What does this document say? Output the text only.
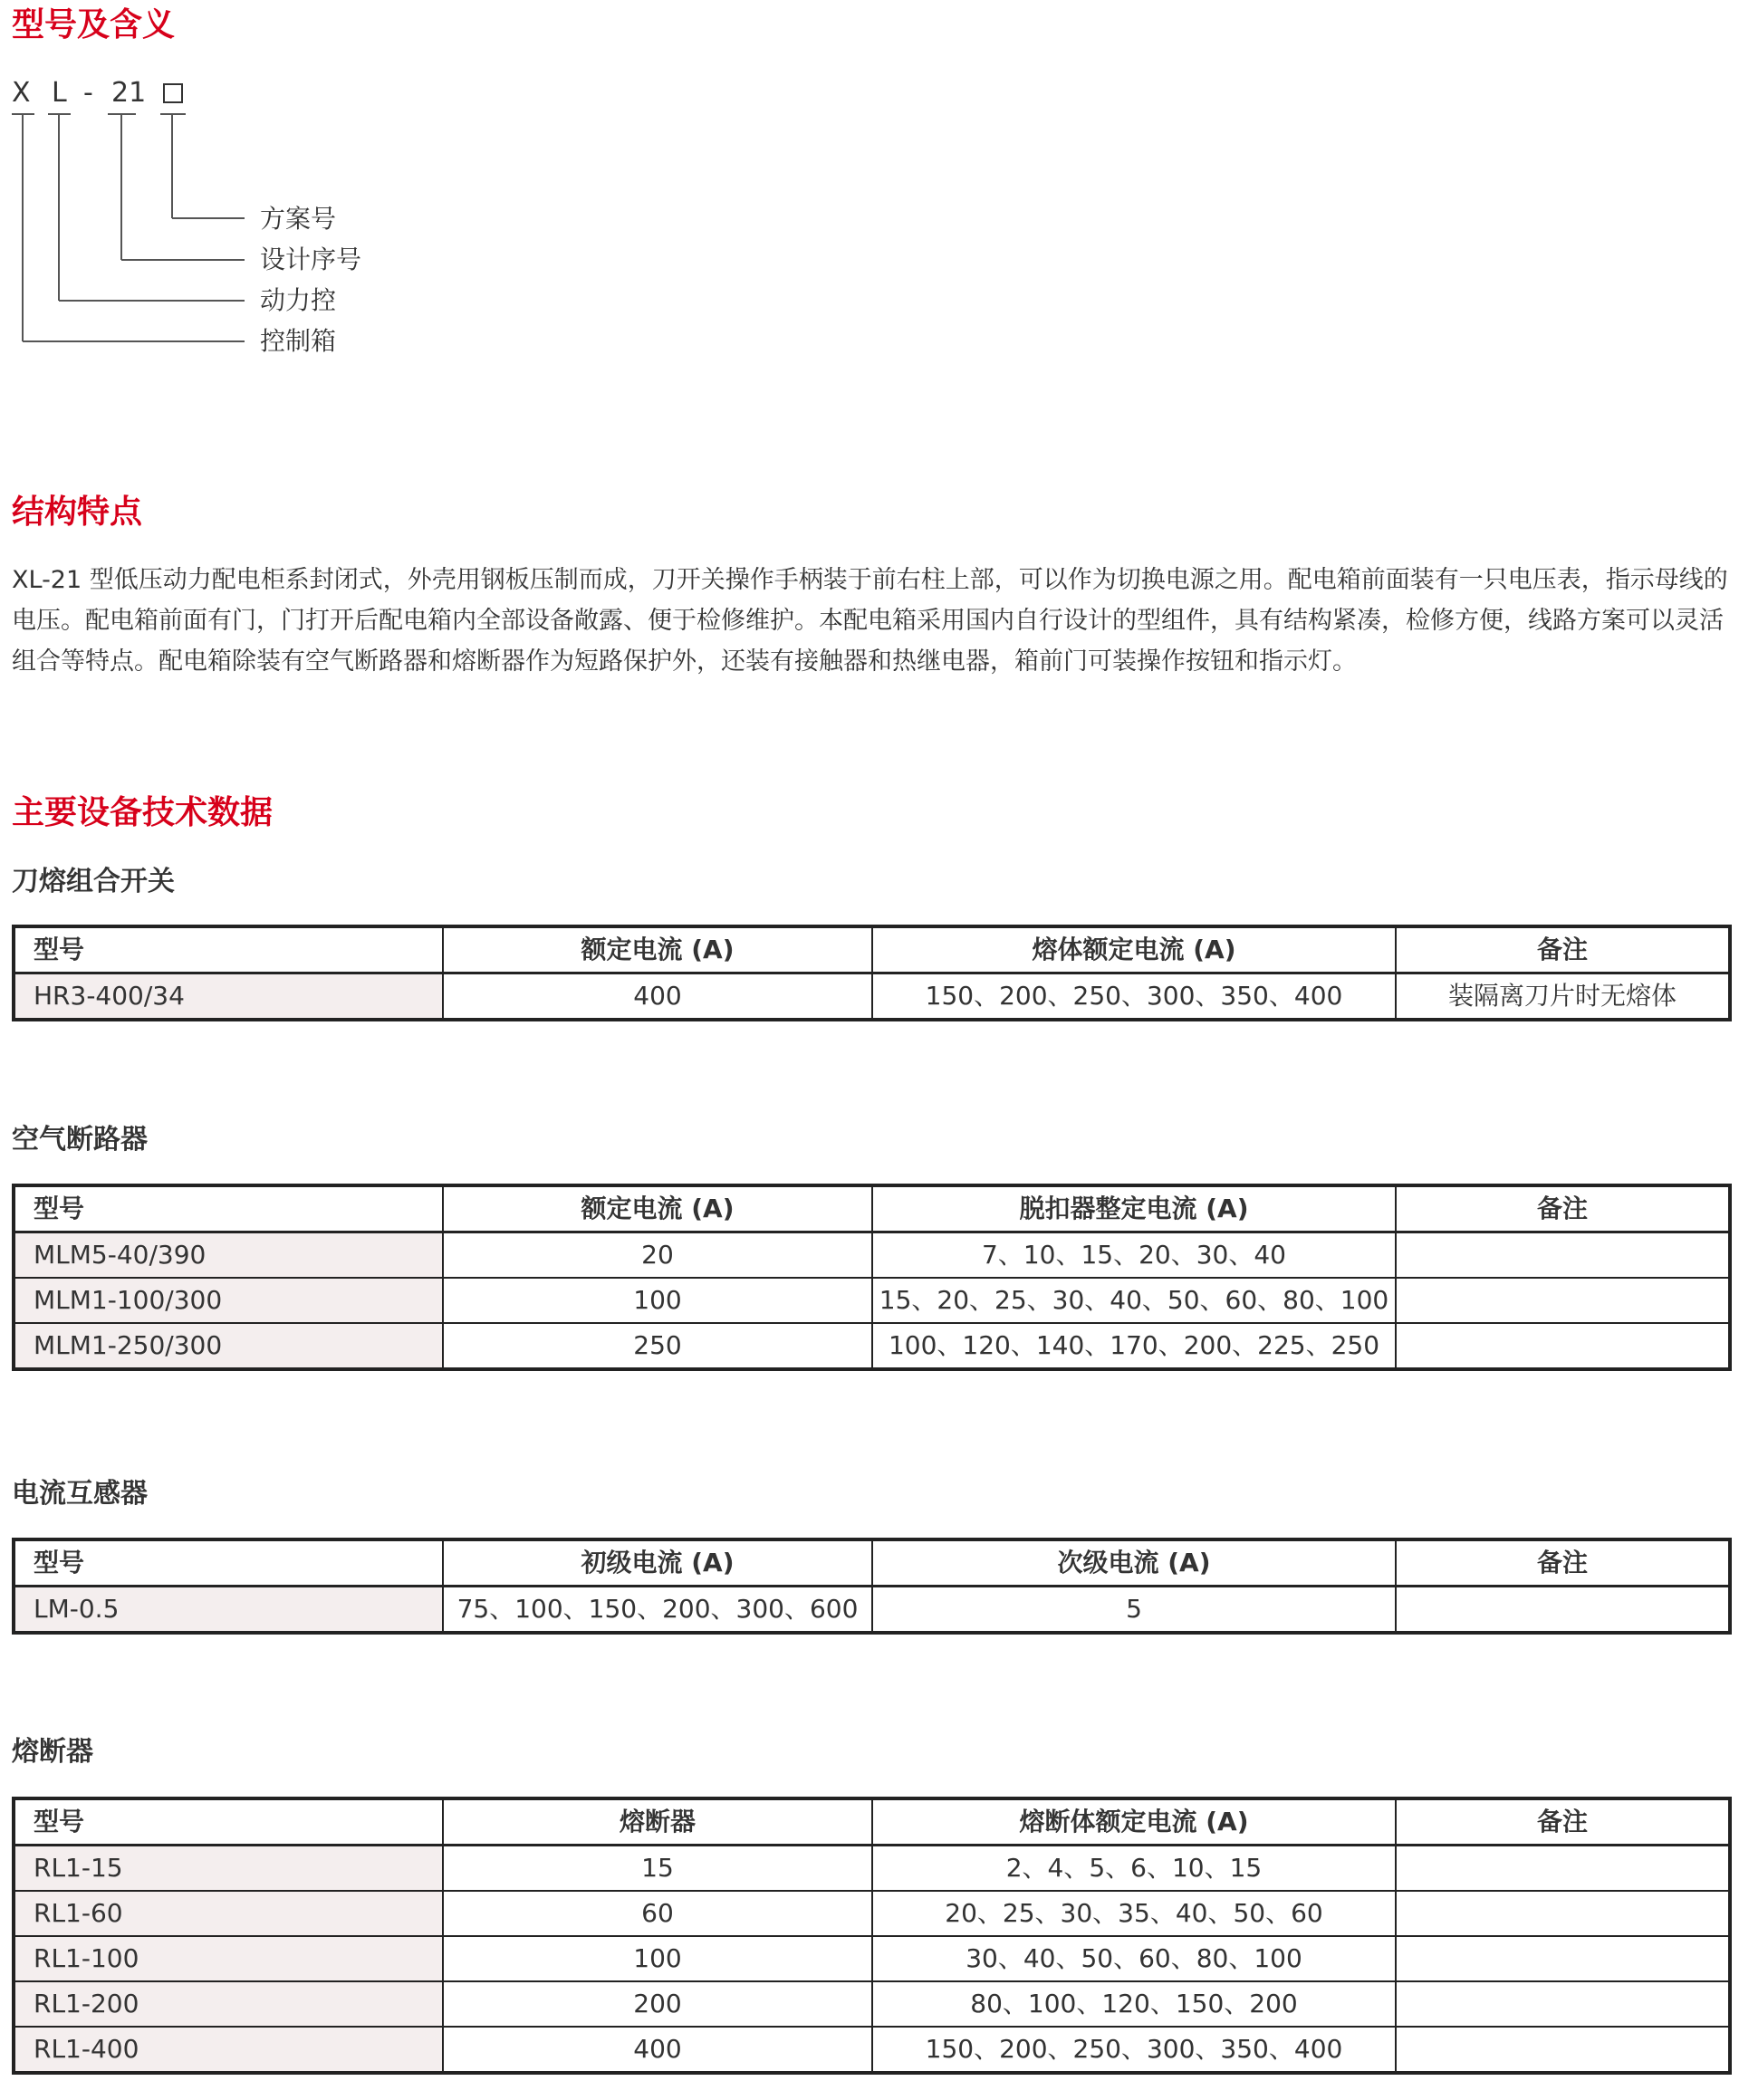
型号及含义
X L - 21
方案号
设计序号
动力控
控制箱
结构特点

XL-21 型低压动力配电柜系封闭式，外壳用钢板压制而成，刀开关操作手柄装于前右柱上部，可以作为切换电源之用。配电箱前面装有一只电压表，指示母线的电压。配电箱前面有门，门打开后配电箱内全部设备敞露、便于检修维护。本配电箱采用国内自行设计的型组件，具有结构紧凑，检修方便，线路方案可以灵活组合等特点。配电箱除装有空气断路器和熔断器作为短路保护外，还装有接触器和热继电器，箱前门可装操作按钮和指示灯。

主要设备技术数据
刀熔组合开关
型号	额定电流 (A)	熔体额定电流 (A)	备注
HR3-400/34	400	150、200、250、300、350、400	装隔离刀片时无熔体
空气断路器
型号	额定电流 (A)	脱扣器整定电流 (A)	备注
MLM5-40/390	20	7、10、15、20、30、40	
MLM1-100/300	100	15、20、25、30、40、50、60、80、100	
MLM1-250/300	250	100、120、140、170、200、225、250	
电流互感器
型号	初级电流 (A)	次级电流 (A)	备注
LM-0.5	75、100、150、200、300、600	5	
熔断器
型号	熔断器	熔断体额定电流 (A)	备注
RL1-15	15	2、4、5、6、10、15	
RL1-60	60	20、25、30、35、40、50、60	
RL1-100	100	30、40、50、60、80、100	
RL1-200	200	80、100、120、150、200	
RL1-400	400	150、200、250、300、350、400	
